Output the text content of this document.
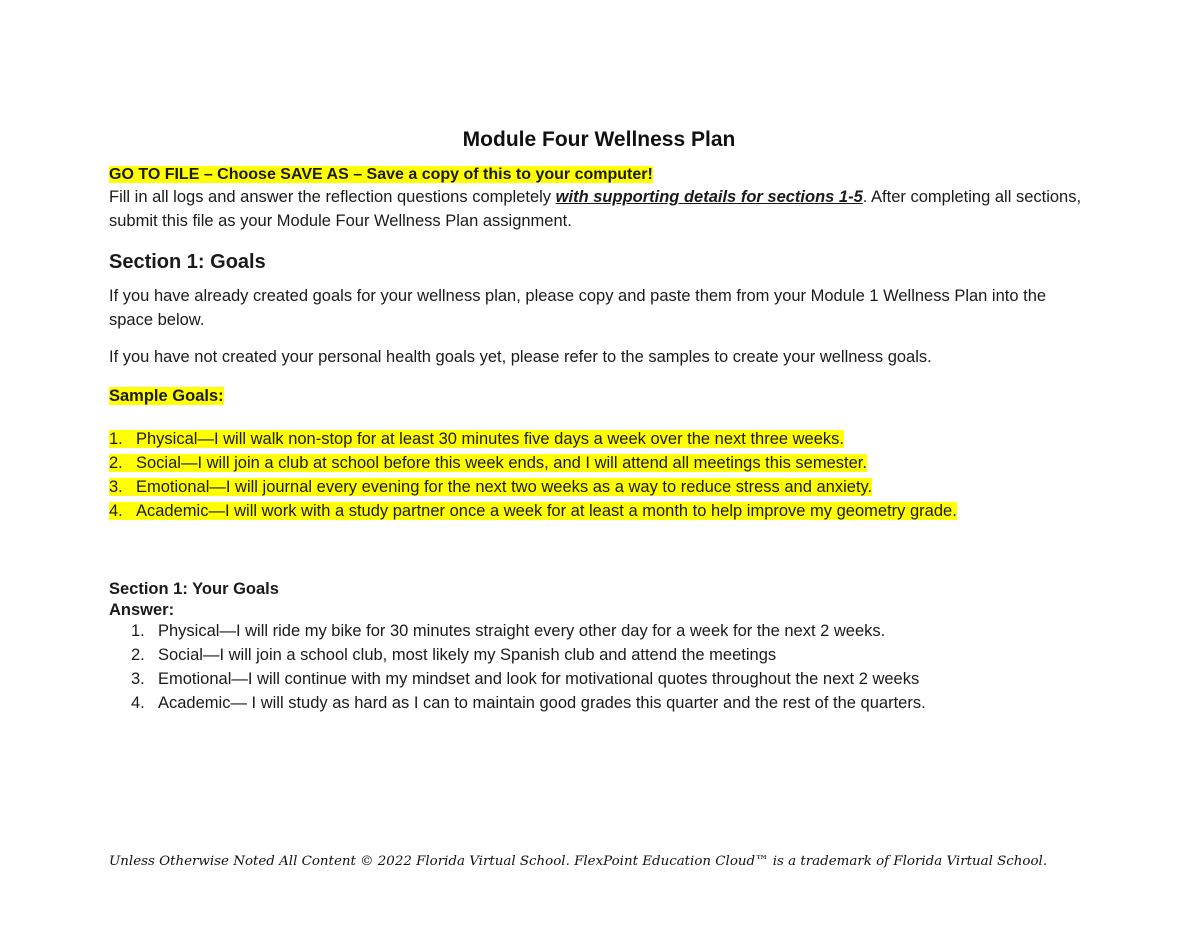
Module Four Wellness Plan
GO TO FILE – Choose SAVE AS – Save a copy of this to your computer!
Fill in all logs and answer the reflection questions completely with supporting details for sections 1-5. After completing all sections, submit this file as your Module Four Wellness Plan assignment.
Section 1: Goals
If you have already created goals for your wellness plan, please copy and paste them from your Module 1 Wellness Plan into the space below.
If you have not created your personal health goals yet, please refer to the samples to create your wellness goals.
Sample Goals:
1. Physical—I will walk non-stop for at least 30 minutes five days a week over the next three weeks.
2. Social—I will join a club at school before this week ends, and I will attend all meetings this semester.
3. Emotional—I will journal every evening for the next two weeks as a way to reduce stress and anxiety.
4. Academic—I will work with a study partner once a week for at least a month to help improve my geometry grade.
Section 1: Your Goals
Answer:
1. Physical—I will ride my bike for 30 minutes straight every other day for a week for the next 2 weeks.
2. Social—I will join a school club, most likely my Spanish club and attend the meetings
3. Emotional—I will continue with my mindset and look for motivational quotes throughout the next 2 weeks
4. Academic— I will study as hard as I can to maintain good grades this quarter and the rest of the quarters.
Unless Otherwise Noted All Content © 2022 Florida Virtual School. FlexPoint Education Cloud™ is a trademark of Florida Virtual School.
